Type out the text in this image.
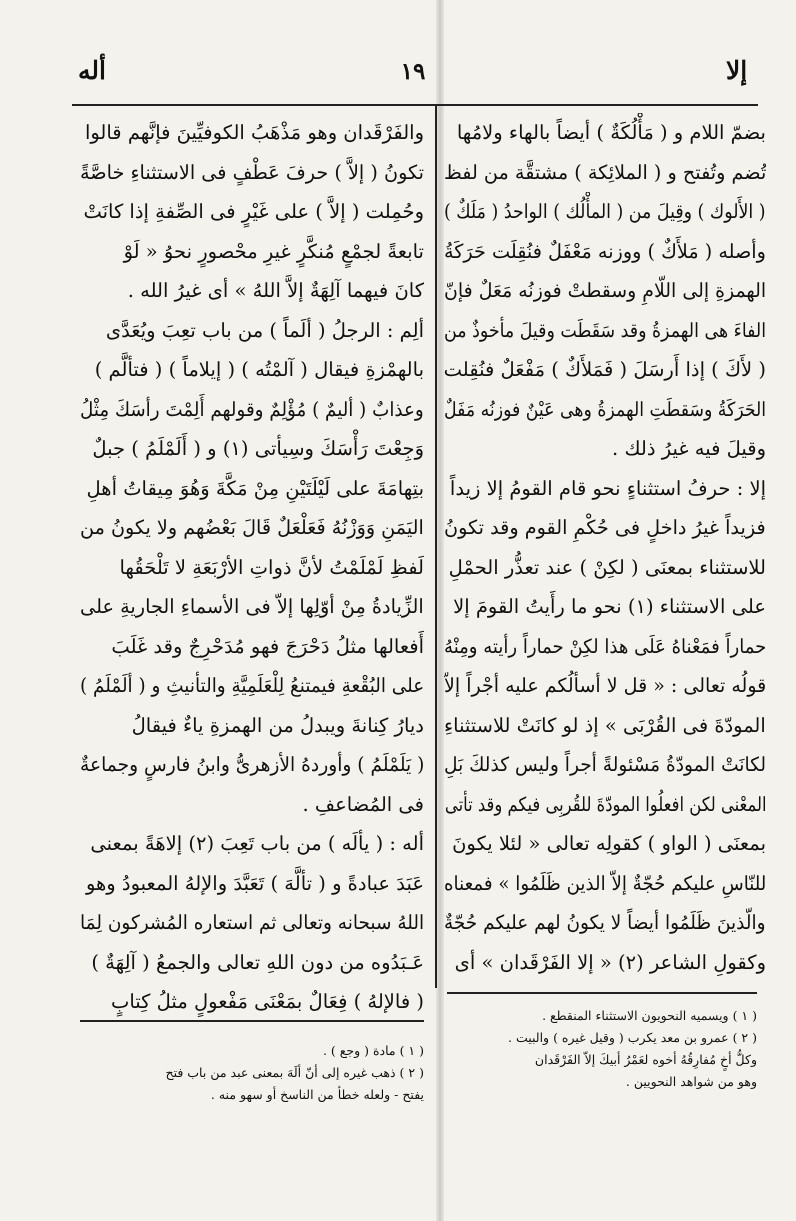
إلا
١٩
أله
بضمّ اللام و ( مَأْلُكَةٌ ) أيضاً بالهاء ولامُها
تُضم وتُفتح و ( الملائِكة ) مشتقَّة من لفظ
( الأَلوك ) وقِيلَ من ( المأْلُك ) الواحدُ ( مَلَكٌ )
وأصله ( مَلأَكٌ ) ووزنه مَعْفَلٌ فنُقِلَت حَرَكَةُ
الهمزةِ إلى اللّامِ وسقطتْ فوزنُه مَعَلٌ فإنّ
الفاءَ هى الهمزةُ وقد سَقَطَت وقيلَ مأخوذٌ من
( لأَكَ ) إذا أَرسَلَ ( فَمَلأَكٌ ) مَفْعَلٌ فنُقِلت
الحَرَكَةُ وسَقطَتِ الهمزةُ وهى عَيْنٌ فوزنُه مَفَلٌ
وقيلَ فيه غيرُ ذلك .
إلا : حرفُ استثناءٍ نحو قام القومُ إلا زيداً
فزيداً غيرُ داخلٍ فى حُكْمِ القوم وقد تكونُ
للاستثناء بمعنَى ( لكِنْ ) عند تعذُّر الحمْلِ
على الاستثناء (١) نحو ما رأَيتُ القومَ إلا
حماراً فمَعْناهُ عَلَى هذا لكِنْ حماراً رأيته ومِنْهُ
قولُه تعالى : « قل لا أسألُكم عليه أجْراً إلاّ
المودّةَ فى القُرْبَى » إذ لو كانَتْ للاستثناءِ
لكانَتْ المودّةُ مَسْئولةً أجراً وليس كذلكَ بَلِ
المعْنى لكن افعلُوا المودّةَ للقُربِى فيكم وقد تأتى
بمعنَى ( الواو ) كقولِه تعالى « لئلا يكونَ
للنّاسِ عليكم حُجّةٌ إلاّ الذين ظَلَمُوا » فمعناه
والّذينَ ظَلَمُوا أيضاً لا يكونُ لهم عليكم حُجّةٌ
وكقولِ الشاعر (٢) « إلا الفَرْقَدان » أى
والفَرْقَدان وهو مَذْهَبُ الكوفيِّينَ فإنَّهم قالوا
تكونُ ( إلاَّ ) حرفَ عَطْفٍ فى الاستثناءِ خاصَّةً
وحُمِلت ( إلاَّ ) على غَيْرٍ فى الصِّفةِ إذا كانَتْ
تابعةً لجمْعٍ مُنكَّرٍ غيرِ محْصورٍ نحوُ « لَوْ
كانَ فيهما آلِهَةٌ إلاَّ اللهُ » أى غيرُ الله .
ألِم : الرجلُ ( ألَماً ) من باب تعِبَ ويُعَدَّى
بالهمْزةِ فيقال ( آلمْتُه ) ( إيلاماً ) ( فتألَّم )
وعذابٌ ( أليمٌ ) مُؤْلِمٌ وقولهم أَلِمْتَ رأسَكَ مِثْلُ
وَجِعْتَ رَأْسَكَ وسِيأتى (١) و ( أَلَمْلَمُ ) جبلٌ
بتِهامَةَ على لَيْلَتَيْنِ مِنْ مَكَّةَ وَهُوَ مِيقاتُ أهلِ
اليَمَنِ وَوَزْنُهُ فَعَلْعَلٌ قَالَ بَعْضُهم ولا يكونُ من
لَفظِ لَمْلَمْتُ لأنَّ ذواتِ الأرْبَعَةِ لا تَلْحَقُها
الزِّيادةُ مِنْ أوّلِها إلاّ فى الأسماءِ الجاريةِ على
أَفعالها مثلُ دَحْرَجَ فهو مُدَحْرِجٌ وقد غَلَبَ
على البُقْعةِ فيمتنعُ لِلْعَلَمِيَّةِ والتأنيثِ و ( ألَمْلَمُ )
ديارُ كِنانةَ ويبدلُ من الهمزةِ ياءٌ فيقالُ
( يَلَمْلَمُ ) وأوردهُ الأزهرىُّ وابنُ فارسٍ وجماعةٌ
فى المُضاعفِ .
أله : ( يألَه ) من باب تَعِبَ (٢) إلاهَةً بمعنى
عَبَدَ عبادةً و ( تألَّهَ ) تَعَبَّدَ والإلهُ المعبودُ وهو
اللهُ سبحانه وتعالى ثم استعاره المُشركون لِمَا
عَـبَدُوه من دون اللهِ تعالى والجمعُ ( آلِهَةٌ )
( فالإلهُ ) فِعَالٌ بمَعْنَى مَفْعولٍ مثلُ كِتابٍ
( ١ ) ويسميه النحويون الاستثناء المنقطع .
( ٢ ) عمرو بن معد يكرب ( وقيل غيره ) والبيت .
وكلُّ أخٍ مُفارِقُهُ أخوه لعَمْرُ أبيكَ إلاّ الفَرْقَدان
وهو من شواهد النحويين .
( ١ ) مادة ( وجع ) .
( ٢ ) ذهب غيره إلى أنّ ألَهَ بمعنى عبد من باب فتح
يفتح - ولعله خطأ من الناسخ أو سهو منه .
